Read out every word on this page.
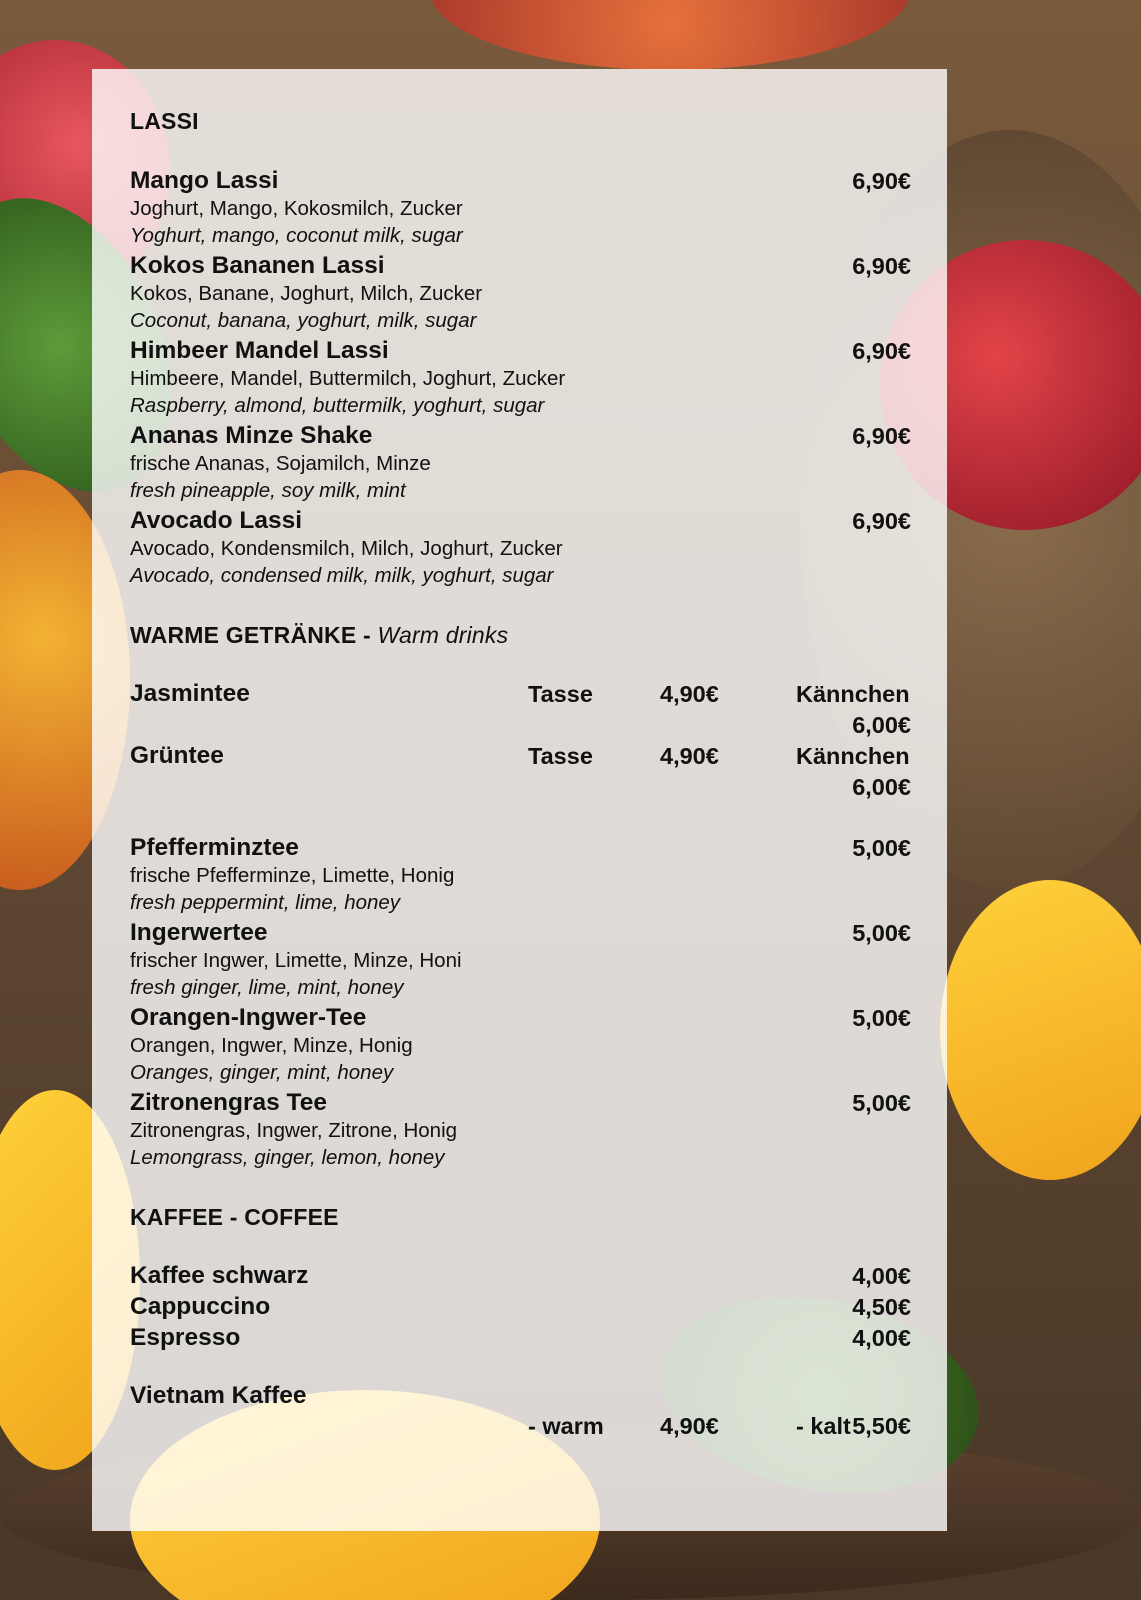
LASSI
Mango Lassi	6,90€
Joghurt, Mango, Kokosmilch, Zucker
Yoghurt, mango, coconut milk, sugar
Kokos Bananen Lassi	6,90€
Kokos, Banane, Joghurt, Milch, Zucker
Coconut, banana, yoghurt, milk, sugar
Himbeer Mandel Lassi	6,90€
Himbeere, Mandel, Buttermilch, Joghurt, Zucker
Raspberry, almond, buttermilk, yoghurt, sugar
Ananas Minze Shake	6,90€
frische Ananas, Sojamilch, Minze
fresh pineapple, soy milk, mint
Avocado Lassi	6,90€
Avocado, Kondensmilch, Milch, Joghurt, Zucker
Avocado, condensed milk, milk, yoghurt, sugar
WARME GETRÄNKE - Warm drinks
Jasmintee	Tasse	4,90€	Kännchen
6,00€
Grüntee	Tasse	4,90€	Kännchen
6,00€
Pfefferminztee	5,00€
frische Pfefferminze, Limette, Honig
fresh peppermint, lime, honey
Ingerwertee	5,00€
frischer Ingwer, Limette, Minze, Honi
fresh ginger, lime, mint, honey
Orangen-Ingwer-Tee	5,00€
Orangen, Ingwer, Minze, Honig
Oranges, ginger, mint, honey
Zitronengras Tee	5,00€
Zitronengras, Ingwer, Zitrone, Honig
Lemongrass, ginger, lemon, honey
KAFFEE - COFFEE
Kaffee schwarz	4,00€
Cappuccino	4,50€
Espresso	4,00€
Vietnam Kaffee
- warm 4,90€	- kalt 5,50€
